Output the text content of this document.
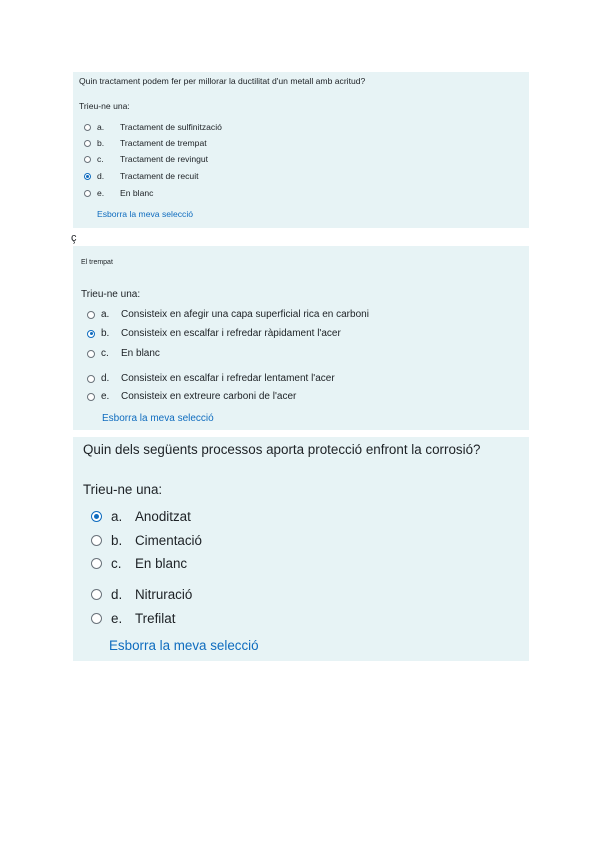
Quin tractament podem fer per millorar la ductilitat d'un metall amb acritud?
Trieu-ne una:
a.	Tractament de sulfinització
b.	Tractament de trempat
c.	Tractament de revingut
d.	Tractament de recuit
e.	En blanc
Esborra la meva selecció
ç
El trempat
Trieu-ne una:
a.	Consisteix en afegir una capa superficial rica en carboni
b.	Consisteix en escalfar i refredar ràpidament l'acer
c.	En blanc
d.	Consisteix en escalfar i refredar lentament l'acer
e.	Consisteix en extreure carboni de l'acer
Esborra la meva selecció
Quin dels següents processos aporta protecció enfront la corrosió?
Trieu-ne una:
a. Anoditzat
b. Cimentació
c.	En blanc
d. Nitruració
e. Trefilat
Esborra la meva selecció
